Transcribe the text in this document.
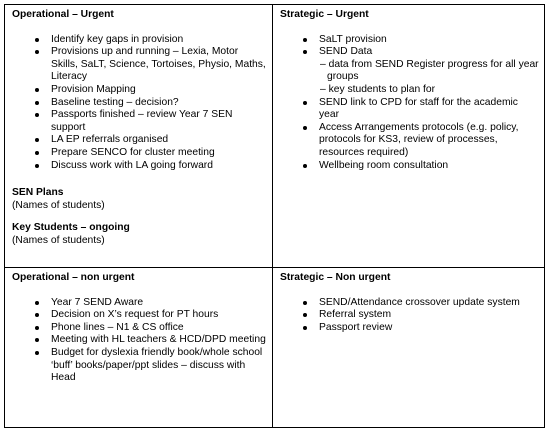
Operational – Urgent

Identify key gaps in provision
Provisions up and running – Lexia, Motor Skills, SaLT, Science, Tortoises, Physio, Maths, Literacy
Provision Mapping
Baseline testing – decision?
Passports finished – review Year 7 SEN support
LA EP referrals organised
Prepare SENCO for cluster meeting
Discuss work with LA going forward

SEN Plans

(Names of students)

Key Students – ongoing

(Names of students)

Strategic – Urgent

SaLT provision
SEND Data
– data from SEND Register progress for all year groups
– key students to plan for
SEND link to CPD for staff for the academic year
Access Arrangements protocols (e.g. policy, protocols for KS3, review of processes, resources required)
Wellbeing room consultation

Operational – non urgent

Year 7 SEND Aware
Decision on X’s request for PT hours
Phone lines – N1 & CS office
Meeting with HL teachers & HCD/DPD meeting
Budget for dyslexia friendly book/whole school ‘buff’ books/paper/ppt slides – discuss with Head

Strategic – Non urgent

SEND/Attendance crossover update system
Referral system
Passport review
